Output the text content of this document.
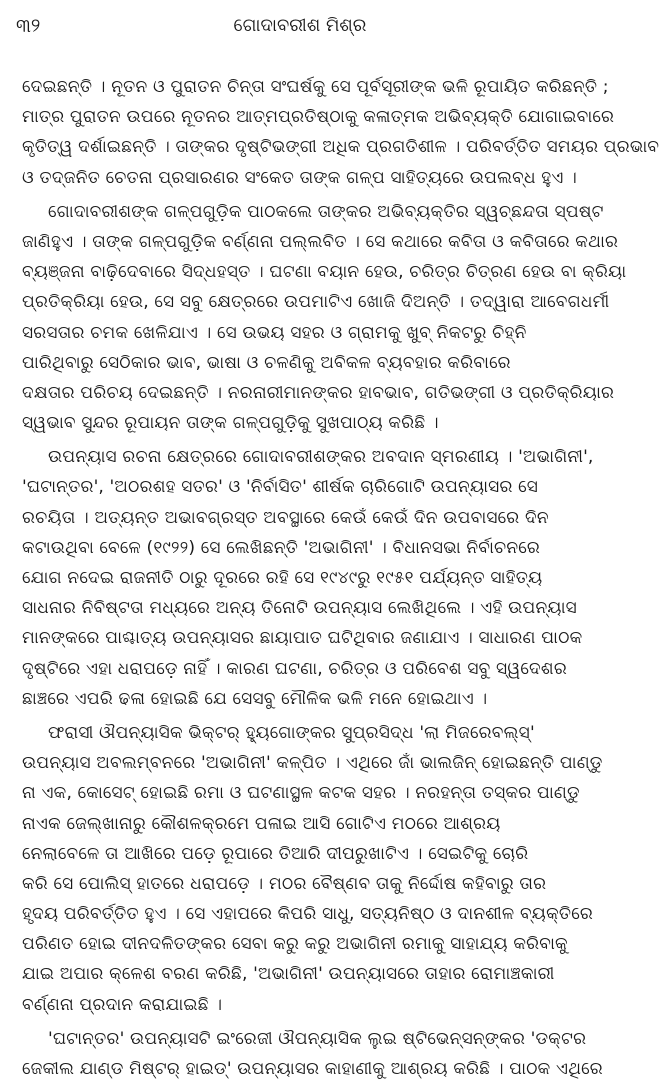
୩୨	ଗୋଦାବରୀଶ ମିଶ୍ର
ଦେଇଛନ୍ତି । ନୂତନ ଓ ପୁରାତନ ଚିନ୍ତା ସଂଘର୍ଷକୁ ସେ ପୂର୍ବସୂରୀଙ୍କ ଭଳି ରୂପାୟିତ କରିଛନ୍ତି ;
ମାତ୍ର ପୁରାତନ ଉପରେ ନୂତନର ଆତ୍ମପ୍ରତିଷ୍ଠାକୁ କଳାତ୍ମକ ଅଭିବ୍ୟକ୍ତି ଯୋଗାଇବାରେ
କୃତିତ୍ୱ ଦର୍ଶାଇଛନ୍ତି । ତାଙ୍କର ଦୃଷ୍ଟିଭଙ୍ଗୀ ଅଧିକ ପ୍ରଗତିଶୀଳ । ପରିବର୍ତ୍ତିତ ସମୟର ପ୍ରଭାବ
ଓ ତଦ୍‌ଜନିତ ଚେତନା ପ୍ରସାରଣର ସଂକେତ ତାଙ୍କ ଗଳ୍ପ ସାହିତ୍ୟରେ ଉପଲବ୍ଧ ହୁଏ ।
ଗୋଦାବରୀଶଙ୍କ ଗଳ୍ପଗୁଡ଼ିକ ପାଠକଲେ ତାଙ୍କର ଅଭିବ୍ୟକ୍ତିର ସ୍ୱଚ୍ଛନ୍ଦତା ସ୍ପଷ୍ଟ
ଜାଣିହୁଏ । ତାଙ୍କ ଗଳ୍ପଗୁଡ଼ିକ ବର୍ଣ୍ଣନା ପଲ୍ଲବିତ । ସେ କଥାରେ କବିତା ଓ କବିତାରେ କଥାର
ବ୍ୟଞ୍ଜନା ବାଢ଼ିଦେବାରେ ସିଦ୍ଧହସ୍ତ । ଘଟଣା ବୟାନ ହେଉ, ଚରିତ୍ର ଚିତ୍ରଣ ହେଉ ବା କ୍ରିୟା
ପ୍ରତିକ୍ରିୟା ହେଉ, ସେ ସବୁ କ୍ଷେତ୍ରରେ ଉପମାଟିଏ ଖୋଜି ଦିଅନ୍ତି । ତଦ୍ୱାରା ଆବେଗଧର୍ମୀ
ସରସତାର ଚମକ ଖେଳିଯାଏ । ସେ ଉଭୟ ସହର ଓ ଗ୍ରାମକୁ ଖୁବ୍ ନିକଟରୁ ଚିହ୍ନି
ପାରିଥିବାରୁ ସେଠିକାର ଭାବ, ଭାଷା ଓ ଚଳଣିକୁ ଅବିକଳ ବ୍ୟବହାର କରିବାରେ
ଦକ୍ଷତାର ପରିଚୟ ଦେଇଛନ୍ତି । ନରନାରୀମାନଙ୍କର ହାବଭାବ, ଗତିଭଙ୍ଗୀ ଓ ପ୍ରତିକ୍ରିୟାର
ସ୍ୱଭାବ ସୁନ୍ଦର ରୂପାୟନ ତାଙ୍କ ଗଳ୍ପଗୁଡ଼ିକୁ ସୁଖପାଠ୍ୟ କରିଛି ।
ଉପନ୍ୟାସ ରଚନା କ୍ଷେତ୍ରରେ ଗୋଦାବରୀଶଙ୍କର ଅବଦାନ ସ୍ମରଣୀୟ । 'ଅଭାଗିନୀ',
'ଘଟାନ୍ତର', 'ଅଠରଶହ ସତର' ଓ 'ନିର୍ବାସିତ' ଶୀର୍ଷକ ଚାରିଗୋଟି ଉପନ୍ୟାସର ସେ
ରଚୟିତା । ଅତ୍ୟନ୍ତ ଅଭାବଗ୍ରସ୍ତ ଅବସ୍ଥାରେ କେଉଁ କେଉଁ ଦିନ ଉପବାସରେ ଦିନ
କଟାଉଥିବା ବେଳେ (୧୯୨୨) ସେ ଲେଖିଛନ୍ତି 'ଅଭାଗିନୀ' । ବିଧାନସଭା ନିର୍ବାଚନରେ
ଯୋଗ ନଦେଇ ରାଜନୀତି ଠାରୁ ଦୂରରେ ରହି ସେ ୧୯୪୯ରୁ ୧୯୫୧ ପର୍ଯ୍ୟନ୍ତ ସାହିତ୍ୟ
ସାଧନାର ନିବିଷ୍ଟତା ମଧ୍ୟରେ ଅନ୍ୟ ତିନୋଟି ଉପନ୍ୟାସ ଲେଖିଥିଲେ । ଏହି ଉପନ୍ୟାସ
ମାନଙ୍କରେ ପାଶ୍ଚାତ୍ୟ ଉପନ୍ୟାସର ଛାୟାପାତ ଘଟିଥିବାର ଜଣାଯାଏ । ସାଧାରଣ ପାଠକ
ଦୃଷ୍ଟିରେ ଏହା ଧରାପଡ଼େ ନାହିଁ । କାରଣ ଘଟଣା, ଚରିତ୍ର ଓ ପରିବେଶ ସବୁ ସ୍ୱଦେଶର
ଛାଞ୍ଚରେ ଏପରି ଢଳା ହୋଇଛି ଯେ ସେସବୁ ମୌଳିକ ଭଳି ମନେ ହୋଇଥାଏ ।
ଫରାସୀ ଔପନ୍ୟାସିକ ଭିକ୍ଟର୍ ହ୍ୟୁଗୋଙ୍କର ସୁପ୍ରସିଦ୍ଧ 'ଲା ମିଜରେବଲ୍ସ୍'
ଉପନ୍ୟାସ ଅବଲମ୍ବନରେ 'ଅଭାଗିନୀ' କଳ୍ପିତ । ଏଥିରେ ଜାଁ ଭାଲଜିନ୍ ହୋଇଛନ୍ତି ପାଣ୍ଡୁ
ନା ଏକ, କୋସେଟ୍ ହୋଇଛି ରମା ଓ ଘଟଣାସ୍ଥଳ କଟକ ସହର । ନରହନ୍ତା ତସ୍କର ପାଣ୍ଡୁ
ନାଏକ ଜେଲ୍‌ଖାନାରୁ କୌଶଳକ୍ରମେ ପଳାଇ ଆସି ଗୋଟିଏ ମଠରେ ଆଶ୍ରୟ
ନେଲାବେଳେ ତା ଆଖିରେ ପଡ଼େ ରୂପାରେ ତିଆରି ଦୀପରୁଖାଟିଏ । ସେଇଟିକୁ ଚୋରି
କରି ସେ ପୋଲିସ୍ ହାତରେ ଧରାପଡ଼େ । ମଠର ବୈଷ୍ଣବ ତାକୁ ନିର୍ଦ୍ଦୋଷ କହିବାରୁ ତାର
ହୃଦୟ ପରିବର୍ତ୍ତିତ ହୁଏ । ସେ ଏହାପରେ କିପରି ସାଧୁ, ସତ୍ୟନିଷ୍ଠ ଓ ଦାନଶୀଳ ବ୍ୟକ୍ତିରେ
ପରିଣତ ହୋଇ ଦୀନଦଳିତଙ୍କର ସେବା କରୁ କରୁ ଅଭାଗିନୀ ରମାକୁ ସାହାଯ୍ୟ କରିବାକୁ
ଯାଇ ଅପାର କ୍ଳେଶ ବରଣ କରିଛି, 'ଅଭାଗିନୀ' ଉପନ୍ୟାସରେ ତାହାର ରୋମାଞ୍ଚକାରୀ
ବର୍ଣ୍ଣନା ପ୍ରଦାନ କରାଯାଇଛି ।
'ଘଟାନ୍ତର' ଉପନ୍ୟାସଟି ଇଂରେଜୀ ଔପନ୍ୟାସିକ ଲୁଇ ଷ୍ଟିଭେନ୍‌ସନ୍‌ଙ୍କର 'ଡକ୍ଟର
ଜେକୀଲ ଯାଣ୍ଡ ମିଷ୍ଟର୍ ହାଇଡ୍' ଉପନ୍ୟାସର କାହାଣୀକୁ ଆଶ୍ରୟ କରିଛି । ପାଠକ ଏଥିରେ
